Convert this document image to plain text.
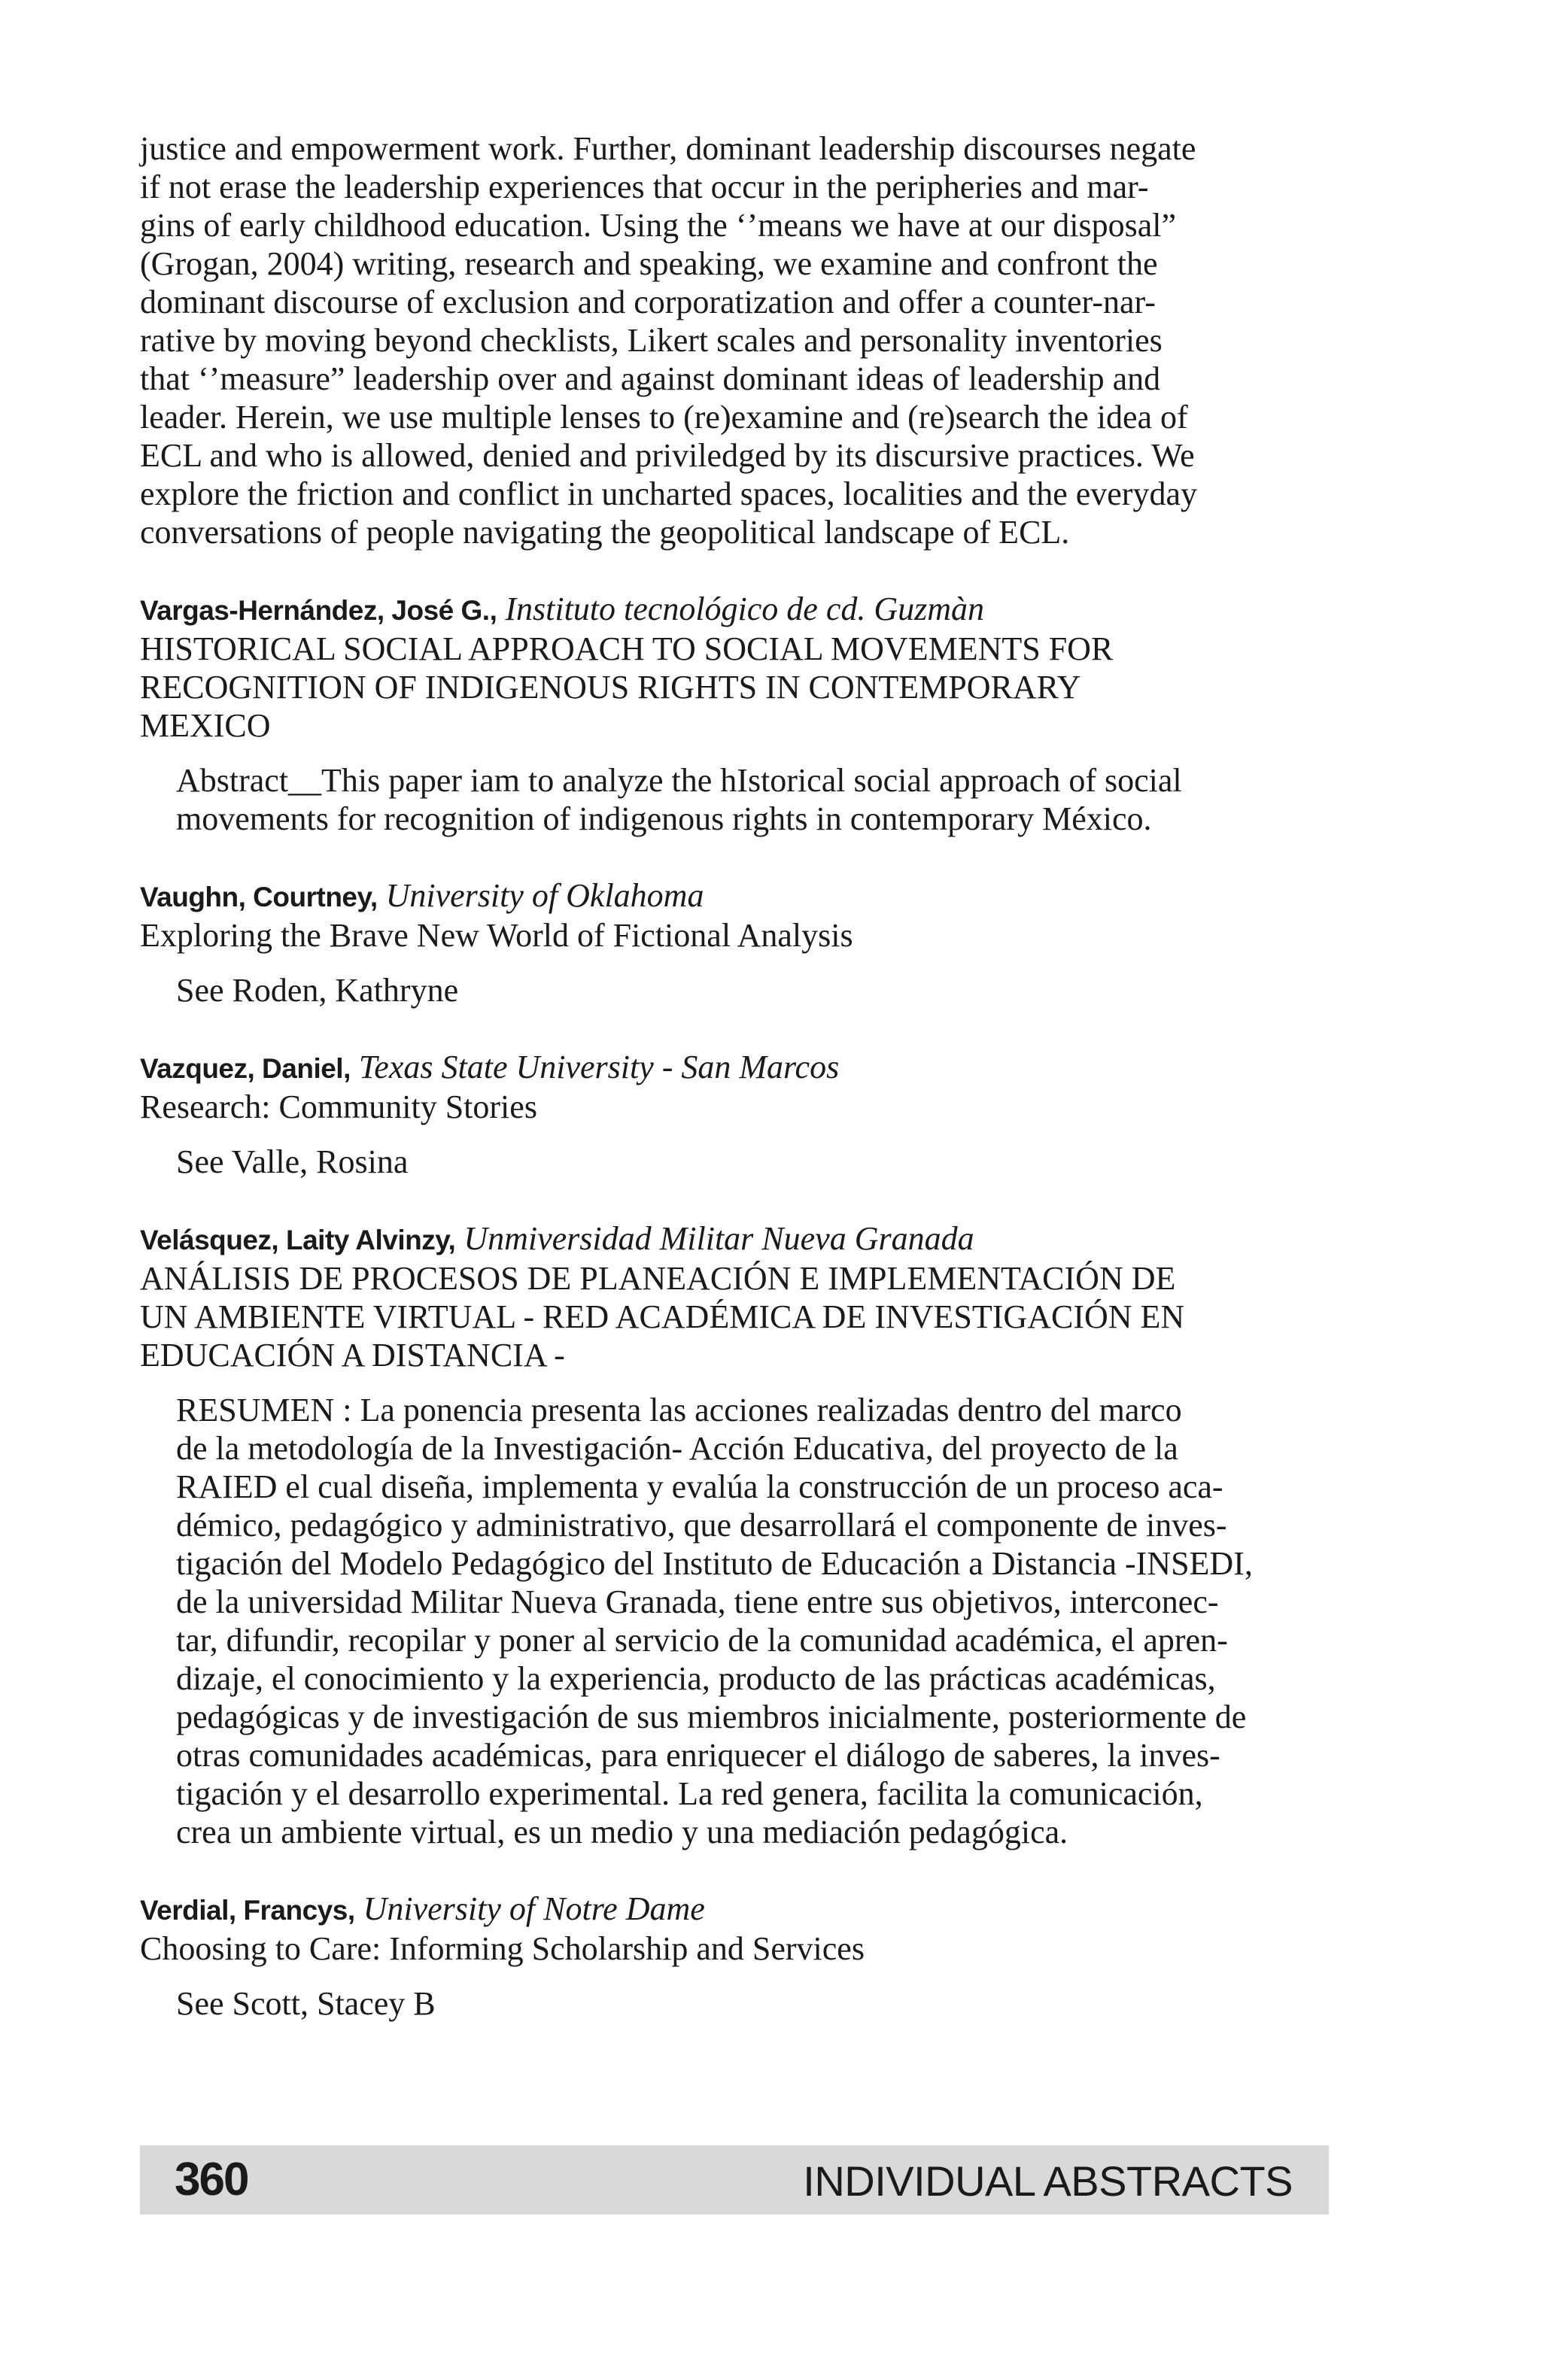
justice and empowerment work. Further, dominant leadership discourses negate
if not erase the leadership experiences that occur in the peripheries and mar-
gins of early childhood education. Using the ‘’means we have at our disposal”
(Grogan, 2004) writing, research and speaking, we examine and confront the
dominant discourse of exclusion and corporatization and offer a counter-nar-
rative by moving beyond checklists, Likert scales and personality inventories
that ‘’measure” leadership over and against dominant ideas of leadership and
leader. Herein, we use multiple lenses to (re)examine and (re)search the idea of
ECL and who is allowed, denied and priviledged by its discursive practices. We
explore the friction and conflict in uncharted spaces, localities and the everyday
conversations of people navigating the geopolitical landscape of ECL.

Vargas-Hernández, José G., Instituto tecnológico de cd. Guzmàn

HISTORICAL SOCIAL APPROACH TO SOCIAL MOVEMENTS FOR
RECOGNITION OF INDIGENOUS RIGHTS IN CONTEMPORARY
MEXICO

Abstract__This paper iam to analyze the hIstorical social approach of social
movements for recognition of indigenous rights in contemporary México.

Vaughn, Courtney, University of Oklahoma

Exploring the Brave New World of Fictional Analysis

See Roden, Kathryne

Vazquez, Daniel, Texas State University - San Marcos

Research: Community Stories

See Valle, Rosina

Velásquez, Laity Alvinzy, Unmiversidad Militar Nueva Granada

ANÁLISIS DE PROCESOS DE PLANEACIÓN E IMPLEMENTACIÓN DE
UN AMBIENTE VIRTUAL - RED ACADÉMICA DE INVESTIGACIÓN EN
EDUCACIÓN A DISTANCIA -

RESUMEN : La ponencia presenta las acciones realizadas dentro del marco
de la metodología de la Investigación- Acción Educativa, del proyecto de la
RAIED el cual diseña, implementa y evalúa la construcción de un proceso aca-
démico, pedagógico y administrativo, que desarrollará el componente de inves-
tigación del Modelo Pedagógico del Instituto de Educación a Distancia -INSEDI,
de la universidad Militar Nueva Granada, tiene entre sus objetivos, interconec-
tar, difundir, recopilar y poner al servicio de la comunidad académica, el apren-
dizaje, el conocimiento y la experiencia, producto de las prácticas académicas,
pedagógicas y de investigación de sus miembros inicialmente, posteriormente de
otras comunidades académicas, para enriquecer el diálogo de saberes, la inves-
tigación y el desarrollo experimental. La red genera, facilita la comunicación,
crea un ambiente virtual, es un medio y una mediación pedagógica.

Verdial, Francys, University of Notre Dame

Choosing to Care: Informing Scholarship and Services

See Scott, Stacey B

360	INDIVIDUAL ABSTRACTS
